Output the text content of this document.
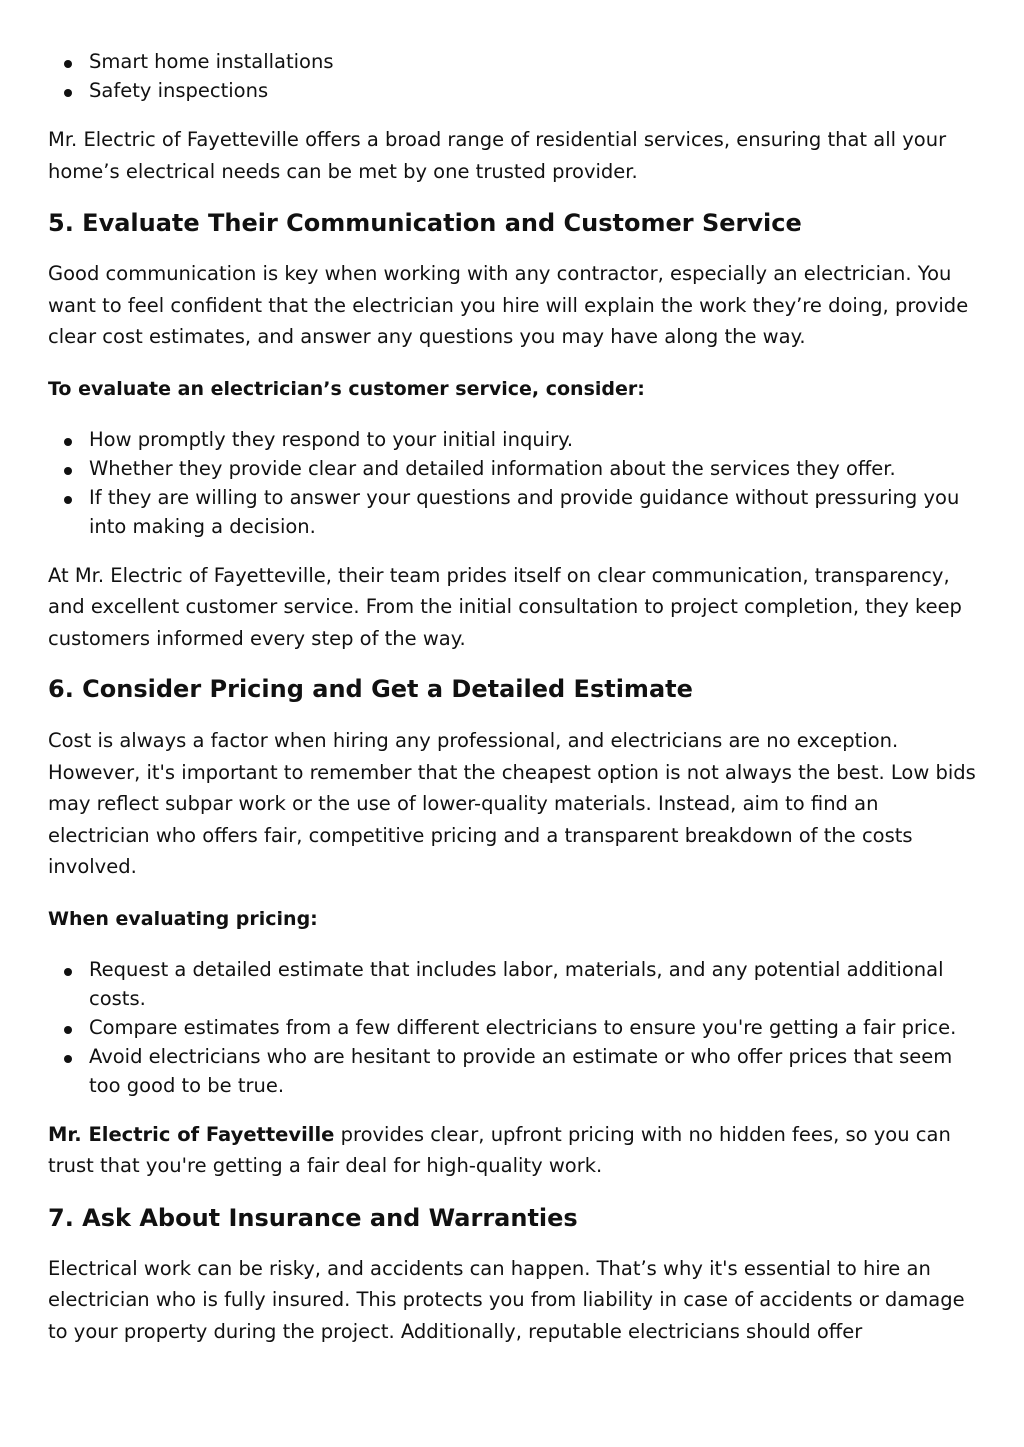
Smart home installations
Safety inspections

Mr. Electric of Fayetteville offers a broad range of residential services, ensuring that all your home’s electrical needs can be met by one trusted provider.

5. Evaluate Their Communication and Customer Service

Good communication is key when working with any contractor, especially an electrician. You want to feel confident that the electrician you hire will explain the work they’re doing, provide clear cost estimates, and answer any questions you may have along the way.

To evaluate an electrician’s customer service, consider:

How promptly they respond to your initial inquiry.
Whether they provide clear and detailed information about the services they offer.
If they are willing to answer your questions and provide guidance without pressuring you into making a decision.

At Mr. Electric of Fayetteville, their team prides itself on clear communication, transparency, and excellent customer service. From the initial consultation to project completion, they keep customers informed every step of the way.

6. Consider Pricing and Get a Detailed Estimate

Cost is always a factor when hiring any professional, and electricians are no exception. However, it's important to remember that the cheapest option is not always the best. Low bids may reflect subpar work or the use of lower-quality materials. Instead, aim to find an electrician who offers fair, competitive pricing and a transparent breakdown of the costs involved.

When evaluating pricing:

Request a detailed estimate that includes labor, materials, and any potential additional costs.
Compare estimates from a few different electricians to ensure you're getting a fair price.
Avoid electricians who are hesitant to provide an estimate or who offer prices that seem too good to be true.

Mr. Electric of Fayetteville provides clear, upfront pricing with no hidden fees, so you can trust that you're getting a fair deal for high-quality work.

7. Ask About Insurance and Warranties

Electrical work can be risky, and accidents can happen. That’s why it's essential to hire an electrician who is fully insured. This protects you from liability in case of accidents or damage to your property during the project. Additionally, reputable electricians should offer
